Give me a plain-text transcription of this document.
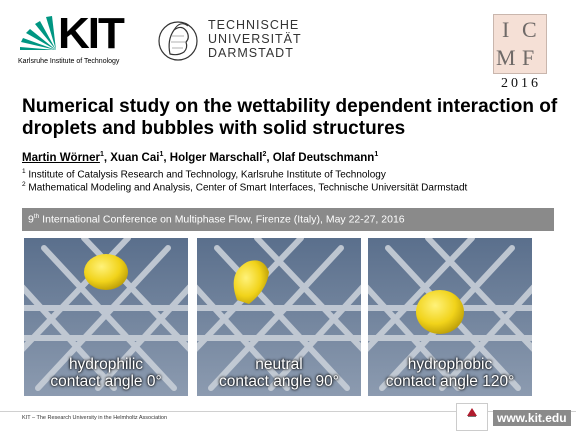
KIT
Karlsruhe Institute of Technology
TECHNISCHE
UNIVERSITÄT
DARMSTADT
I C
M F
2016
Numerical study on the wettability dependent interaction of droplets and bubbles with solid structures
Martin Wörner$^1$, Xuan Cai$^1$, Holger Marschall$^2$, Olaf Deutschmann$^1$
$^1$ Institute of Catalysis Research and Technology, Karlsruhe Institute of Technology
$^2$ Mathematical Modeling and Analysis, Center of Smart Interfaces, Technische Universität Darmstadt
9th International Conference on Multiphase Flow, Firenze (Italy), May 22-27, 2016
hydrophilic
contact angle 0°
neutral
contact angle 90°
hydrophobic
contact angle 120°
KIT – The Research University in the Helmholtz Association	www.kit.edu
